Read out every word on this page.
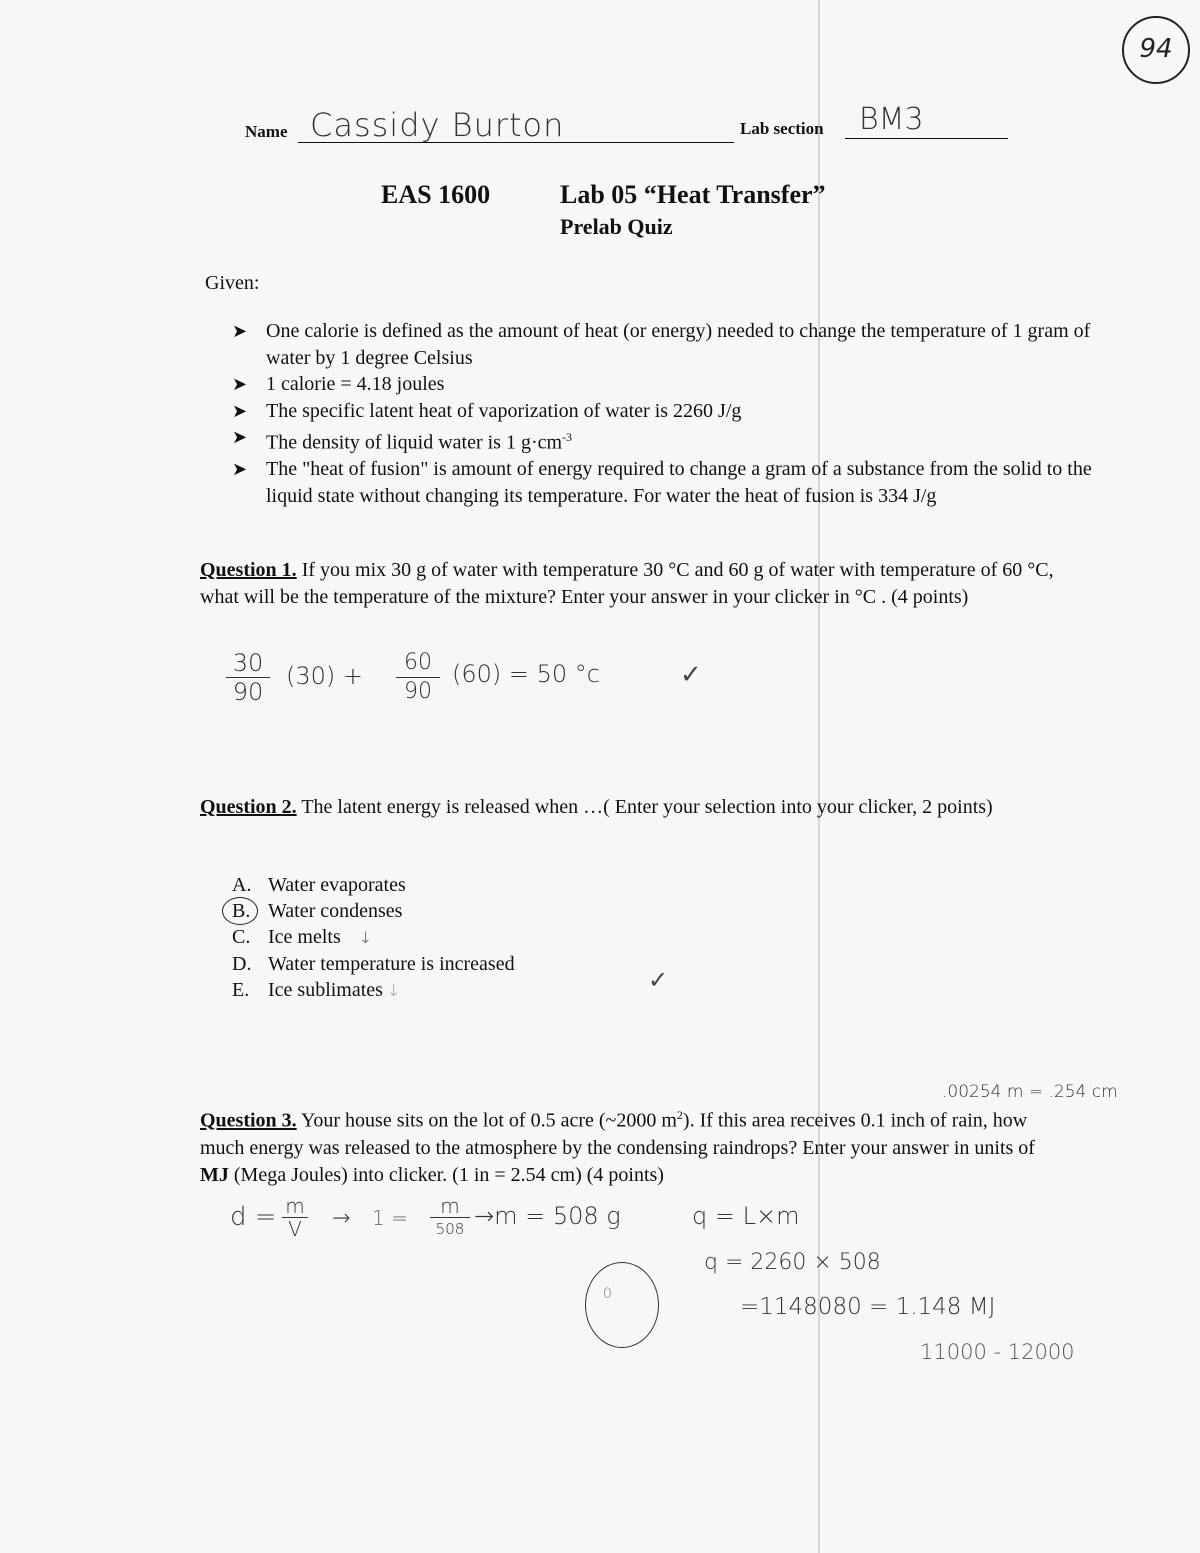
94
Name Cassidy Burton	Lab section BM3
EAS 1600	Lab 05 “Heat Transfer”
Prelab Quiz
Given:
➤ One calorie is defined as the amount of heat (or energy) needed to change the temperature of 1 gram of water by 1 degree Celsius
➤ 1 calorie = 4.18 joules
➤ The specific latent heat of vaporization of water is 2260 J/g
➤ The density of liquid water is 1 $g\cdot cm^{-3}$
➤ The "heat of fusion" is amount of energy required to change a gram of a substance from the solid to the liquid state without changing its temperature. For water the heat of fusion is 334 J/g
Question 1. If you mix 30 g of water with temperature 30 °C and 60 g of water with temperature of 60 °C, what will be the temperature of the mixture? Enter your answer in your clicker in °C . (4 points)
30
90
(30) +	60
90
(60) = 50 °c	✓
Question 2. The latent energy is released when …( Enter your selection into your clicker, 2 points)
A. Water evaporates
B. Water condenses
C. Ice melts ↓
D. Water temperature is increased
E. Ice sublimates ↓	✓
.00254 m = .254 cm
Question 3. Your house sits on the lot of 0.5 acre (~2000 $m^2$). If this area receives 0.1 inch of rain, how much energy was released to the atmosphere by the condensing raindrops? Enter your answer in units of MJ (Mega Joules) into clicker. (1 in = 2.54 cm) (4 points)
d = m
V → 1 =	m
508 →m = 508 g	q = L×m
q = 2260 × 508
=1148080 = 1.148 MJ
0
11000 - 12000
